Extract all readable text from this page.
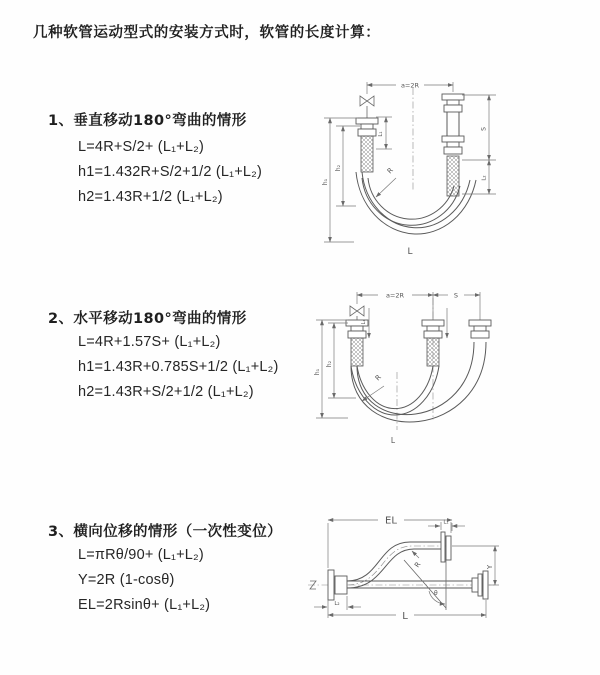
几种软管运动型式的安装方式时，软管的长度计算：
1、垂直移动180°弯曲的情形
L=4R+S/2+ (L₁+L₂)
h1=1.432R+S/2+1/2 (L₁+L₂)
h2=1.43R+1/2 (L₁+L₂)
2、水平移动180°弯曲的情形
L=4R+1.57S+ (L₁+L₂)
h1=1.43R+0.785S+1/2 (L₁+L₂)
h2=1.43R+S/2+1/2 (L₁+L₂)
3、横向位移的情形（一次性变位）
L=πRθ/90+ (L₁+L₂)
Y=2R (1-cosθ)
EL=2Rsinθ+ (L₁+L₂)
a=2R
R
h₁
h₂
L₁
S
L₂
L
a=2R	S
L₁
R
h₁
h₂
L
θ
R
EL	L₁
Y
L₂
L
